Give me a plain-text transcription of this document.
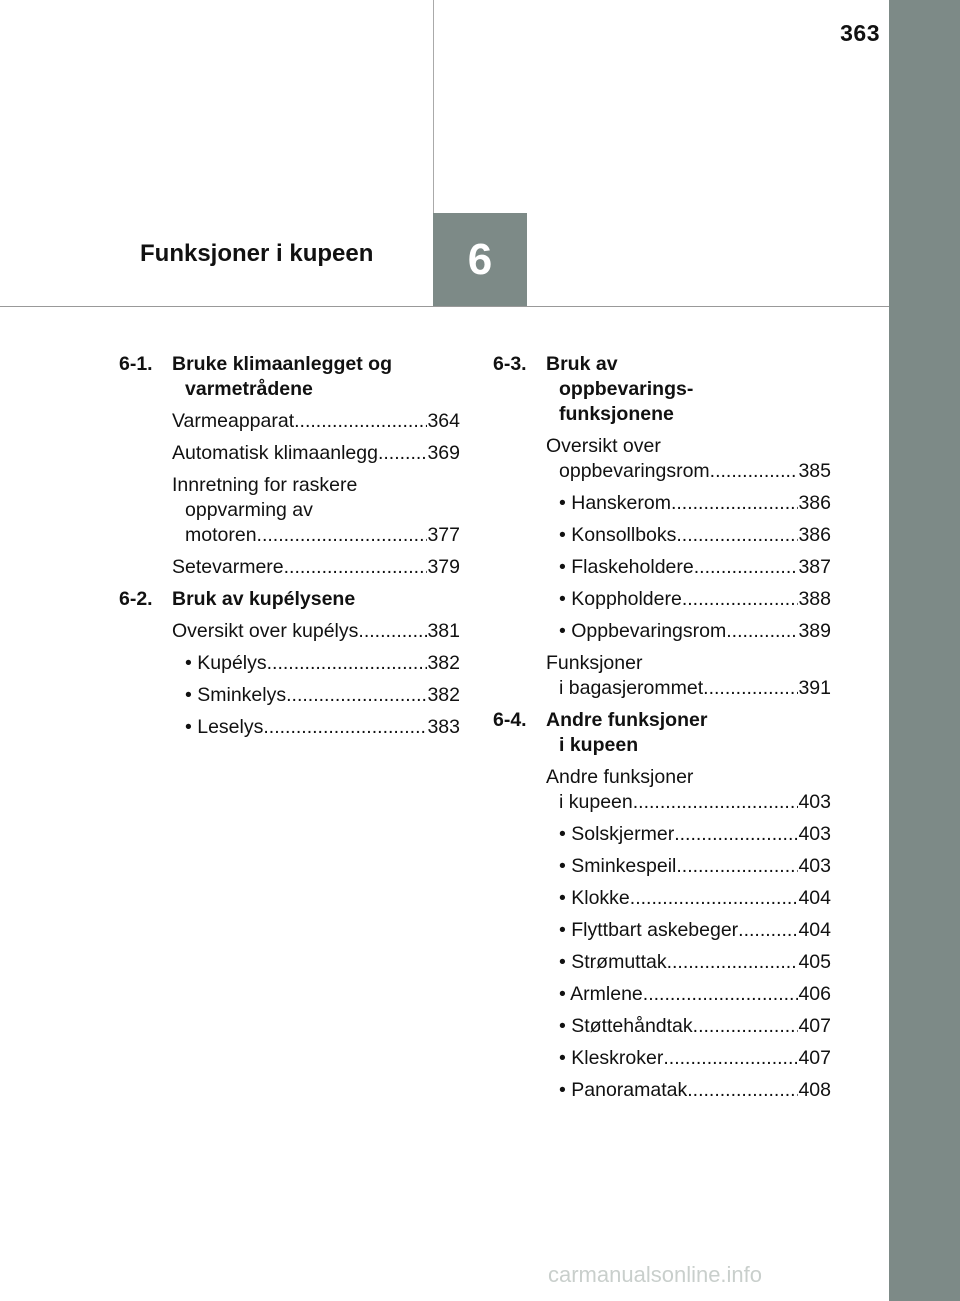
363
6
Funksjoner i kupeen
6-1. Bruke klimaanlegget og
varmetrådene
Varmeapparat .....	364
Automatisk klimaanlegg .....	369
Innretning for raskere
oppvarming av
motoren .....	377
Setevarmere .....	379
6-2. Bruk av kupélysene
Oversikt over kupélys .....	381
• Kupélys .....	382
• Sminkelys .....	382
• Leselys .....	383
6-3. Bruk av
oppbevarings-
funksjonene
Oversikt over
oppbevaringsrom .....	385
• Hanskerom .....	386
• Konsollboks .....	386
• Flaskeholdere .....	387
• Koppholdere .....	388
• Oppbevaringsrom .....	389
Funksjoner
i bagasjerommet .....	391
6-4. Andre funksjoner
i kupeen
Andre funksjoner
i kupeen .....	403
• Solskjermer .....	403
• Sminkespeil .....	403
• Klokke .....	404
• Flyttbart askebeger .....	404
• Strømuttak .....	405
• Armlene .....	406
• Støttehåndtak .....	407
• Kleskroker .....	407
• Panoramatak .....	408
carmanualsonline.info
